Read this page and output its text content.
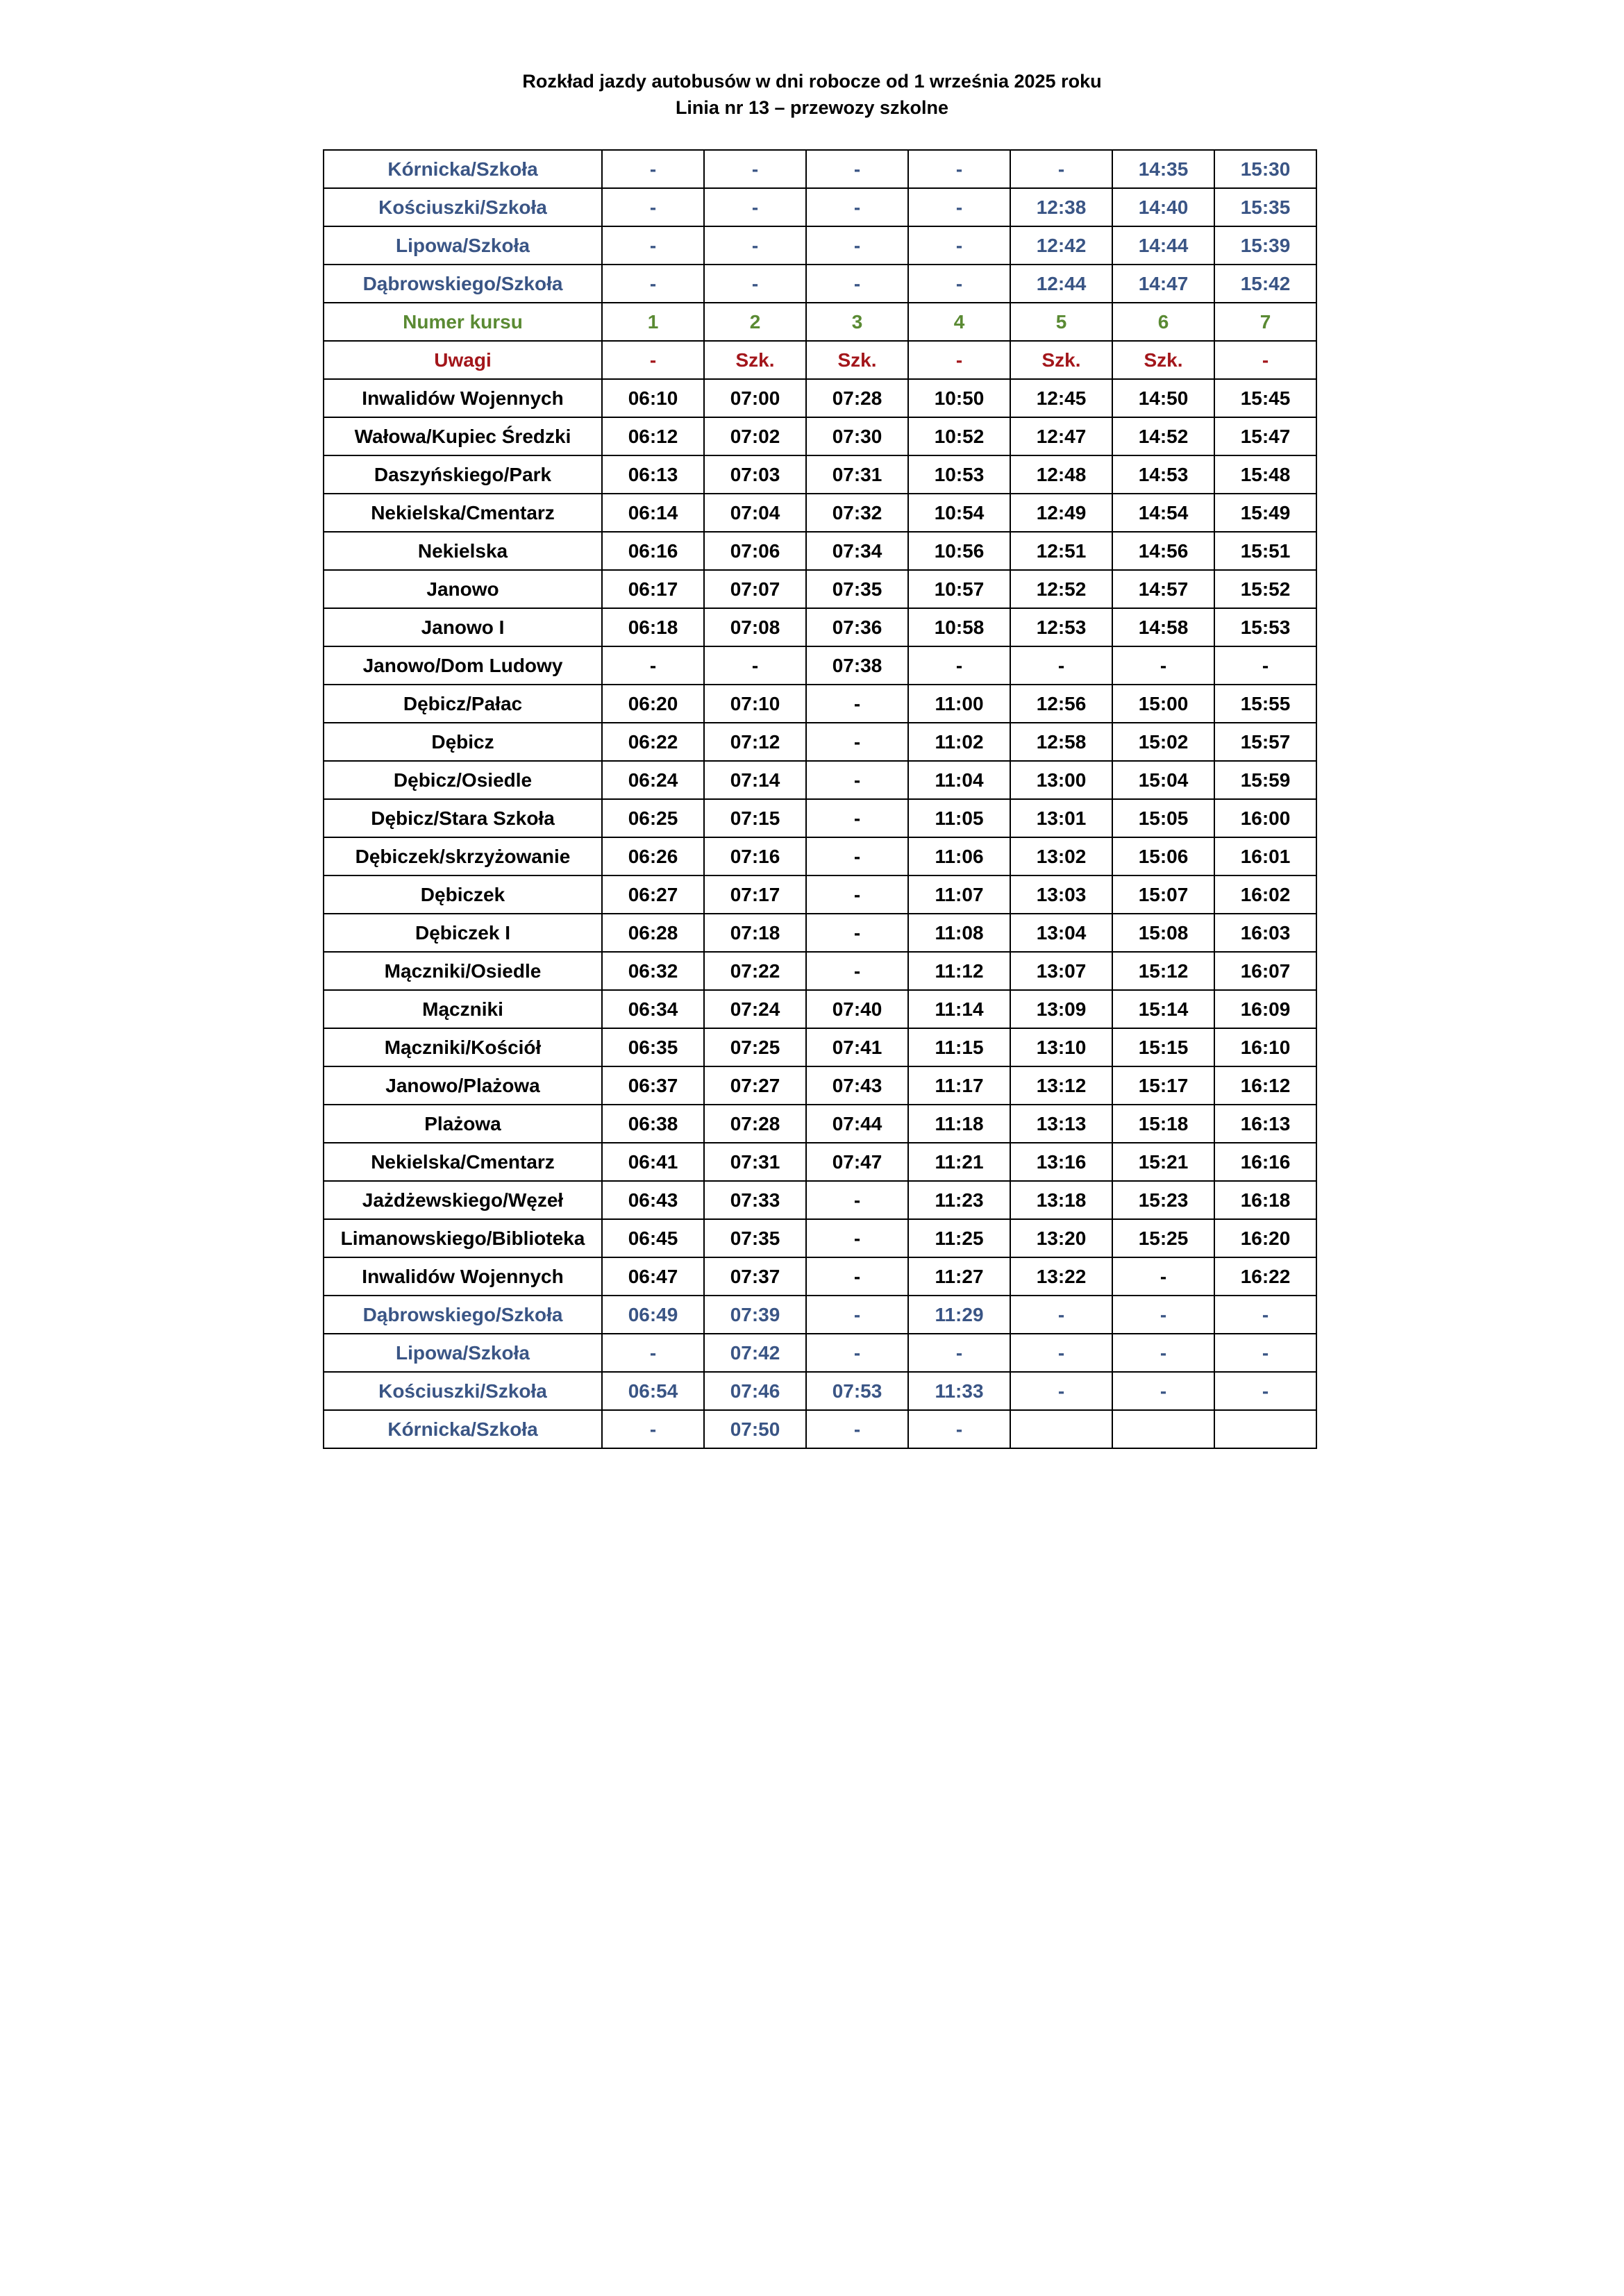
Rozkład jazdy autobusów w dni robocze od 1 września 2025 roku
Linia nr 13 – przewozy szkolne
Kórnicka/Szkoła	-	-	-	-	-	14:35	15:30
Kościuszki/Szkoła	-	-	-	-	12:38	14:40	15:35
Lipowa/Szkoła	-	-	-	-	12:42	14:44	15:39
Dąbrowskiego/Szkoła	-	-	-	-	12:44	14:47	15:42
Numer kursu	1	2	3	4	5	6	7
Uwagi	-	Szk.	Szk.	-	Szk.	Szk.	-
Inwalidów Wojennych	06:10	07:00	07:28	10:50	12:45	14:50	15:45
Wałowa/Kupiec Średzki	06:12	07:02	07:30	10:52	12:47	14:52	15:47
Daszyńskiego/Park	06:13	07:03	07:31	10:53	12:48	14:53	15:48
Nekielska/Cmentarz	06:14	07:04	07:32	10:54	12:49	14:54	15:49
Nekielska	06:16	07:06	07:34	10:56	12:51	14:56	15:51
Janowo	06:17	07:07	07:35	10:57	12:52	14:57	15:52
Janowo I	06:18	07:08	07:36	10:58	12:53	14:58	15:53
Janowo/Dom Ludowy	-	-	07:38	-	-	-	-
Dębicz/Pałac	06:20	07:10	-	11:00	12:56	15:00	15:55
Dębicz	06:22	07:12	-	11:02	12:58	15:02	15:57
Dębicz/Osiedle	06:24	07:14	-	11:04	13:00	15:04	15:59
Dębicz/Stara Szkoła	06:25	07:15	-	11:05	13:01	15:05	16:00
Dębiczek/skrzyżowanie	06:26	07:16	-	11:06	13:02	15:06	16:01
Dębiczek	06:27	07:17	-	11:07	13:03	15:07	16:02
Dębiczek I	06:28	07:18	-	11:08	13:04	15:08	16:03
Mączniki/Osiedle	06:32	07:22	-	11:12	13:07	15:12	16:07
Mączniki	06:34	07:24	07:40	11:14	13:09	15:14	16:09
Mączniki/Kościół	06:35	07:25	07:41	11:15	13:10	15:15	16:10
Janowo/Plażowa	06:37	07:27	07:43	11:17	13:12	15:17	16:12
Plażowa	06:38	07:28	07:44	11:18	13:13	15:18	16:13
Nekielska/Cmentarz	06:41	07:31	07:47	11:21	13:16	15:21	16:16
Jażdżewskiego/Węzeł	06:43	07:33	-	11:23	13:18	15:23	16:18
Limanowskiego/Biblioteka	06:45	07:35	-	11:25	13:20	15:25	16:20
Inwalidów Wojennych	06:47	07:37	-	11:27	13:22	-	16:22
Dąbrowskiego/Szkoła	06:49	07:39	-	11:29	-	-	-
Lipowa/Szkoła	-	07:42	-	-	-	-	-
Kościuszki/Szkoła	06:54	07:46	07:53	11:33	-	-	-
Kórnicka/Szkoła	-	07:50	-	-			
